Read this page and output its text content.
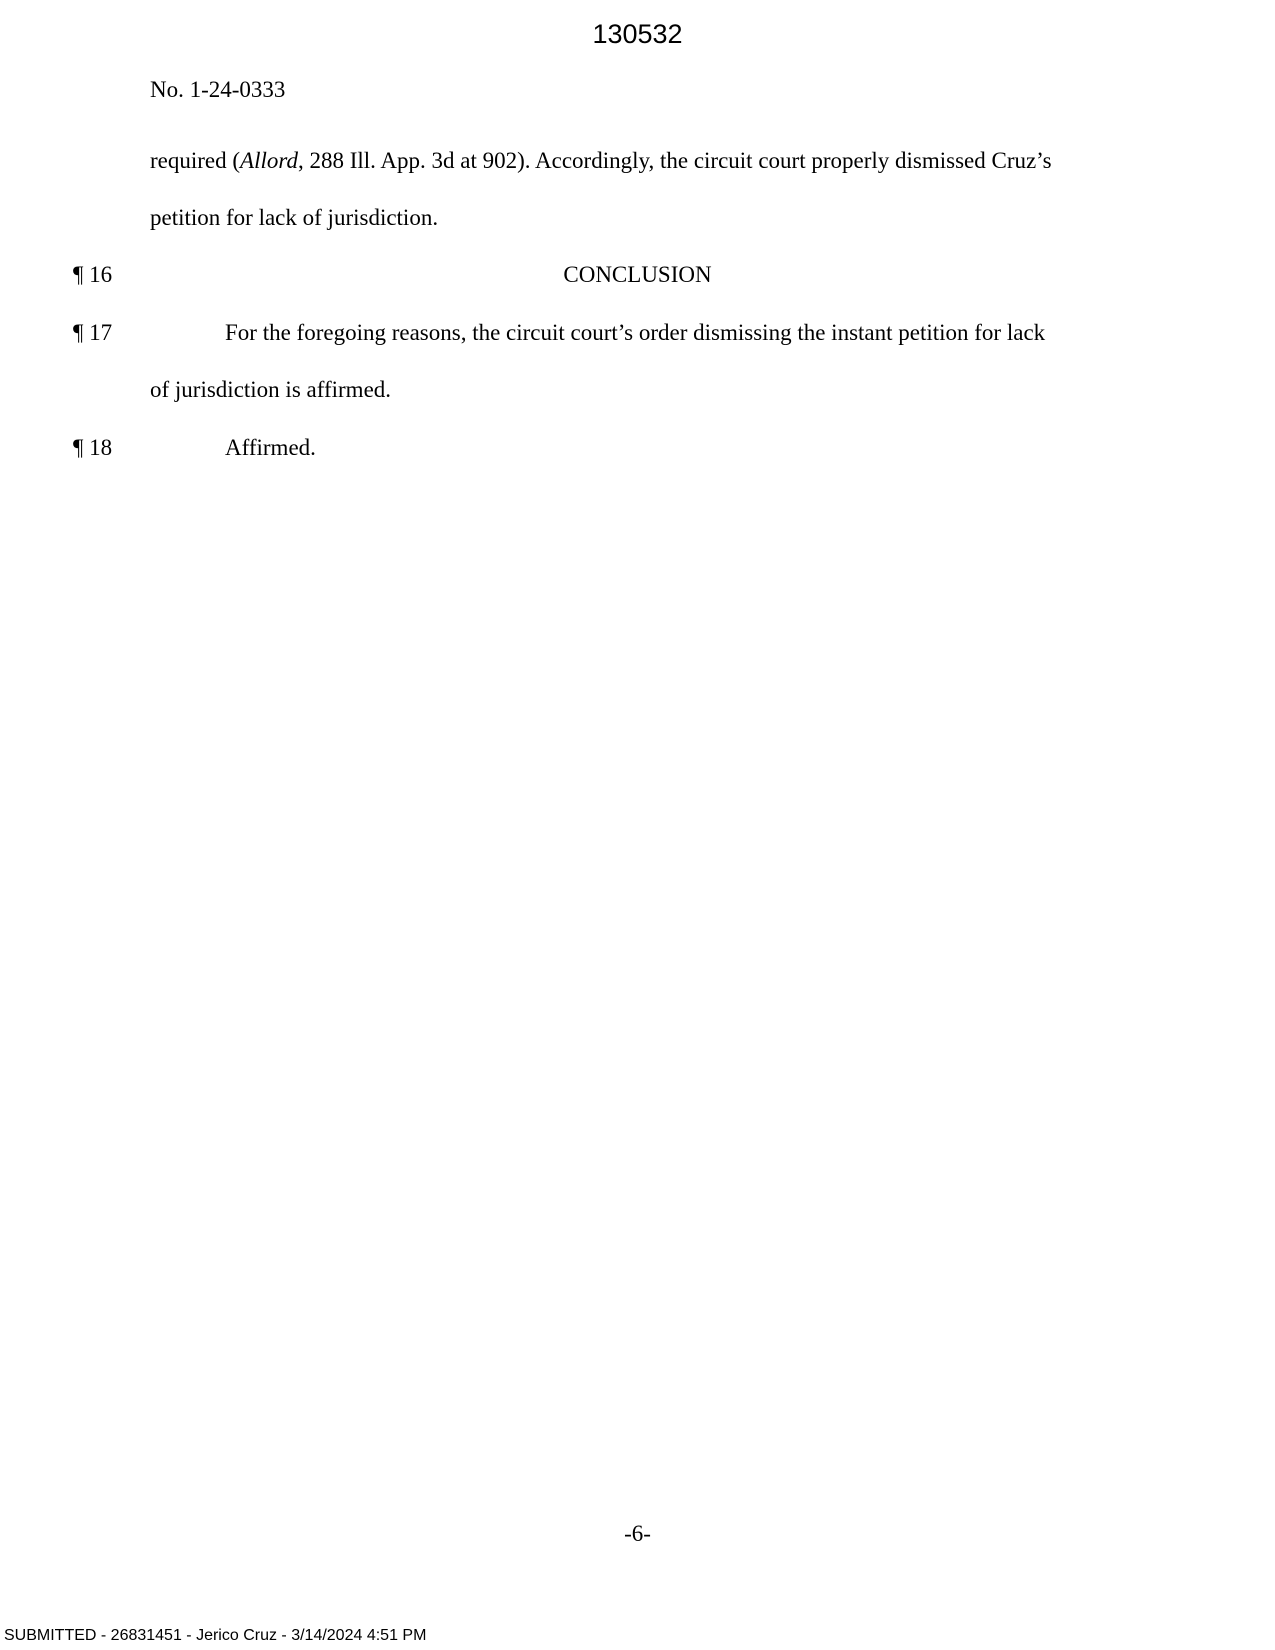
130532
No. 1-24-0333
required (Allord, 288 Ill. App. 3d at 902). Accordingly, the circuit court properly dismissed Cruz’s
petition for lack of jurisdiction.
¶ 16	CONCLUSION
¶ 17	For the foregoing reasons, the circuit court’s order dismissing the instant petition for lack
of jurisdiction is affirmed.
¶ 18	Affirmed.
-6-
SUBMITTED - 26831451 - Jerico Cruz - 3/14/2024 4:51 PM
